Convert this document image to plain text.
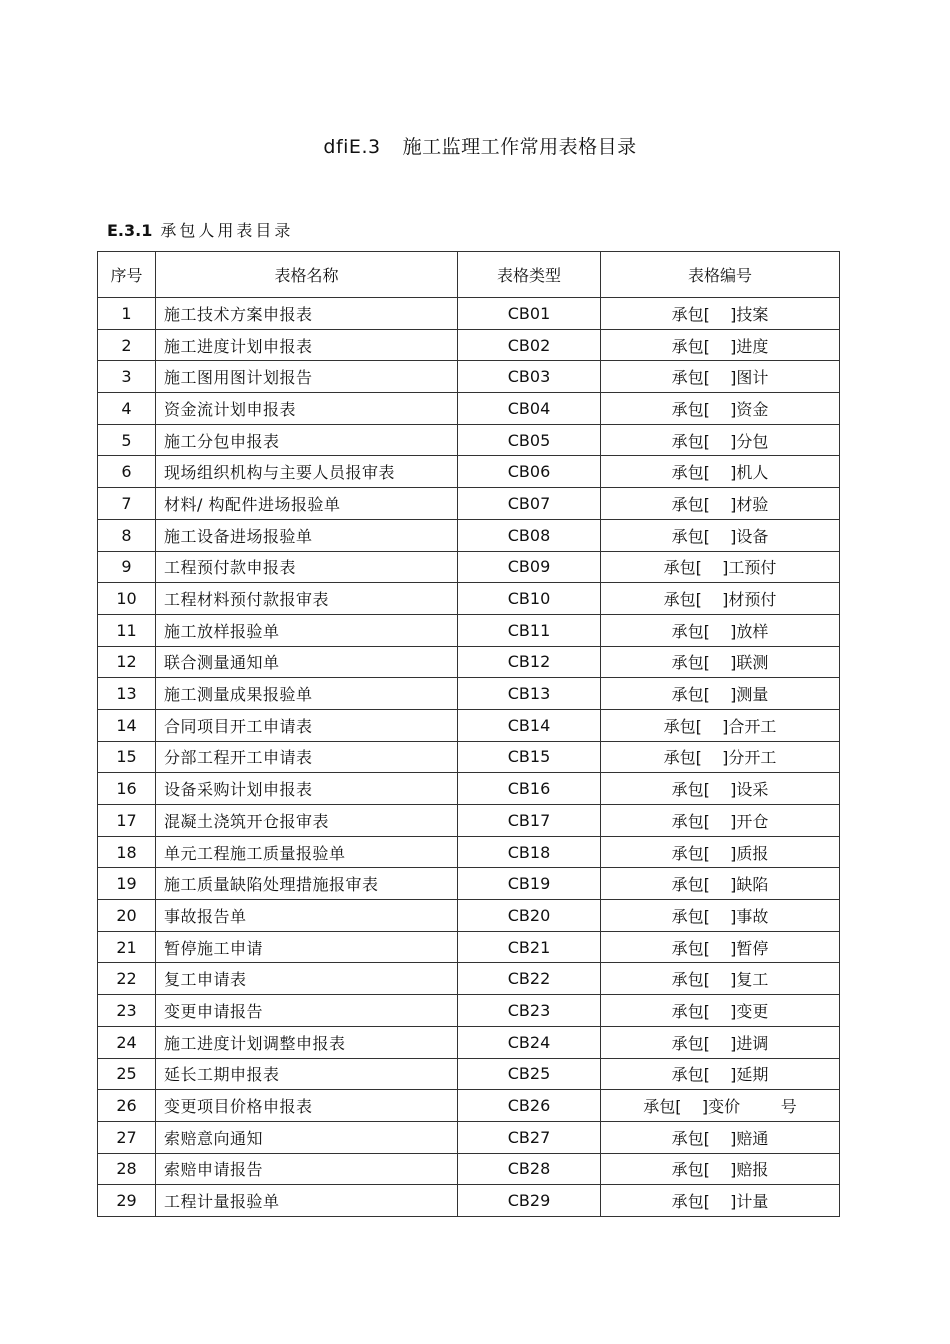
dfiE.3 施工监理工作常用表格目录
E.3.1 承包人用表目录
序号	表格名称	表格类型	表格编号
1	施工技术方案申报表	CB01	承包[    ]技案
2	施工进度计划申报表	CB02	承包[    ]进度
3	施工图用图计划报告	CB03	承包[    ]图计
4	资金流计划申报表	CB04	承包[    ]资金
5	施工分包申报表	CB05	承包[    ]分包
6	现场组织机构与主要人员报审表	CB06	承包[    ]机人
7	材料/ 构配件进场报验单	CB07	承包[    ]材验
8	施工设备进场报验单	CB08	承包[    ]设备
9	工程预付款申报表	CB09	承包[    ]工预付
10	工程材料预付款报审表	CB10	承包[    ]材预付
11	施工放样报验单	CB11	承包[    ]放样
12	联合测量通知单	CB12	承包[    ]联测
13	施工测量成果报验单	CB13	承包[    ]测量
14	合同项目开工申请表	CB14	承包[    ]合开工
15	分部工程开工申请表	CB15	承包[    ]分开工
16	设备采购计划申报表	CB16	承包[    ]设采
17	混凝土浇筑开仓报审表	CB17	承包[    ]开仓
18	单元工程施工质量报验单	CB18	承包[    ]质报
19	施工质量缺陷处理措施报审表	CB19	承包[    ]缺陷
20	事故报告单	CB20	承包[    ]事故
21	暂停施工申请	CB21	承包[    ]暂停
22	复工申请表	CB22	承包[    ]复工
23	变更申请报告	CB23	承包[    ]变更
24	施工进度计划调整申报表	CB24	承包[    ]进调
25	延长工期申报表	CB25	承包[    ]延期
26	变更项目价格申报表	CB26	承包[    ]变价        号
27	索赔意向通知	CB27	承包[    ]赔通
28	索赔申请报告	CB28	承包[    ]赔报
29	工程计量报验单	CB29	承包[    ]计量
